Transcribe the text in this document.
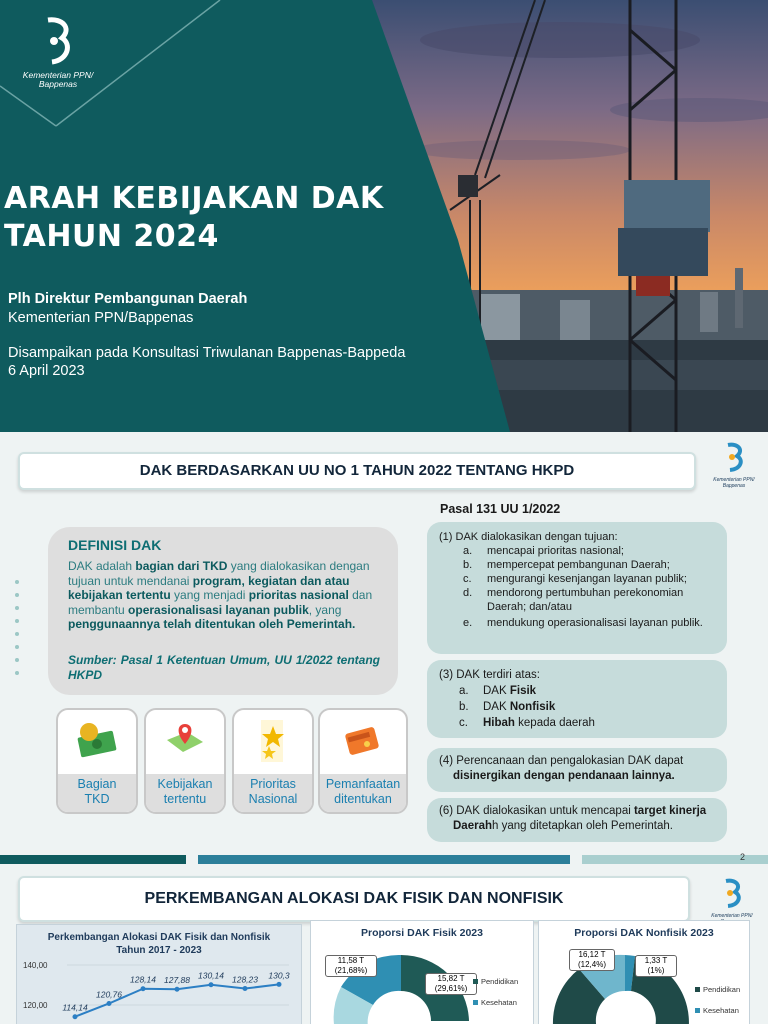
Kementerian PPN/
Bappenas
ARAH KEBIJAKAN DAK
TAHUN 2024
Plh Direktur Pembangunan Daerah
Kementerian PPN/Bappenas
Disampaikan pada Konsultasi Triwulanan Bappenas-Bappeda
6 April 2023
DAK BERDASARKAN UU NO 1 TAHUN 2022 TENTANG HKPD
Kementerian PPN/
Bappenas
DEFINISI DAK
DAK adalah bagian dari TKD yang dialokasikan dengan tujuan untuk mendanai program, kegiatan dan atau kebijakan tertentu yang menjadi prioritas nasional dan membantu operasionalisasi layanan publik, yang penggunaannya telah ditentukan oleh Pemerintah.
Sumber: Pasal 1 Ketentuan Umum, UU 1/2022 tentang HKPD
Bagian
TKD
Kebijakan
tertentu
Prioritas
Nasional
Pemanfaatan
ditentukan
Pasal 131 UU 1/2022
(1) DAK dialokasikan dengan tujuan:
a. mencapai prioritas nasional;
b. mempercepat pembangunan Daerah;
c. mengurangi kesenjangan layanan publik;
d. mendorong pertumbuhan perekonomian
Daerah; dan/atau
e. mendukung operasionalisasi layanan publik.
(3) DAK terdiri atas:
a. DAK Fisik
b. DAK Nonfisik
c. Hibah kepada daerah
(4) Perencanaan dan pengalokasian DAK dapat
disinergikan dengan pendanaan lainnya.
(6) DAK dialokasikan untuk mencapai target kinerja
Daerahh yang ditetapkan oleh Pemerintah.
2
PERKEMBANGAN ALOKASI DAK FISIK DAN NONFISIK
Kementerian PPN/
Perkembangan Alokasi DAK Fisik dan Nonfisik Tahun 2017 - 2023
140,00
120,00 114,14
120,76
128,14 127,88 130,14 128,23 130,3
Proporsi DAK Fisik 2023
11,58 T
(21,68%)
15,82 T
(29,61%)
Pendidikan
Kesehatan
Proporsi DAK Nonfisik 2023
16,12 T
(12,4%)	1,33 T
(1%)
Pendidikan
Kesehatan
